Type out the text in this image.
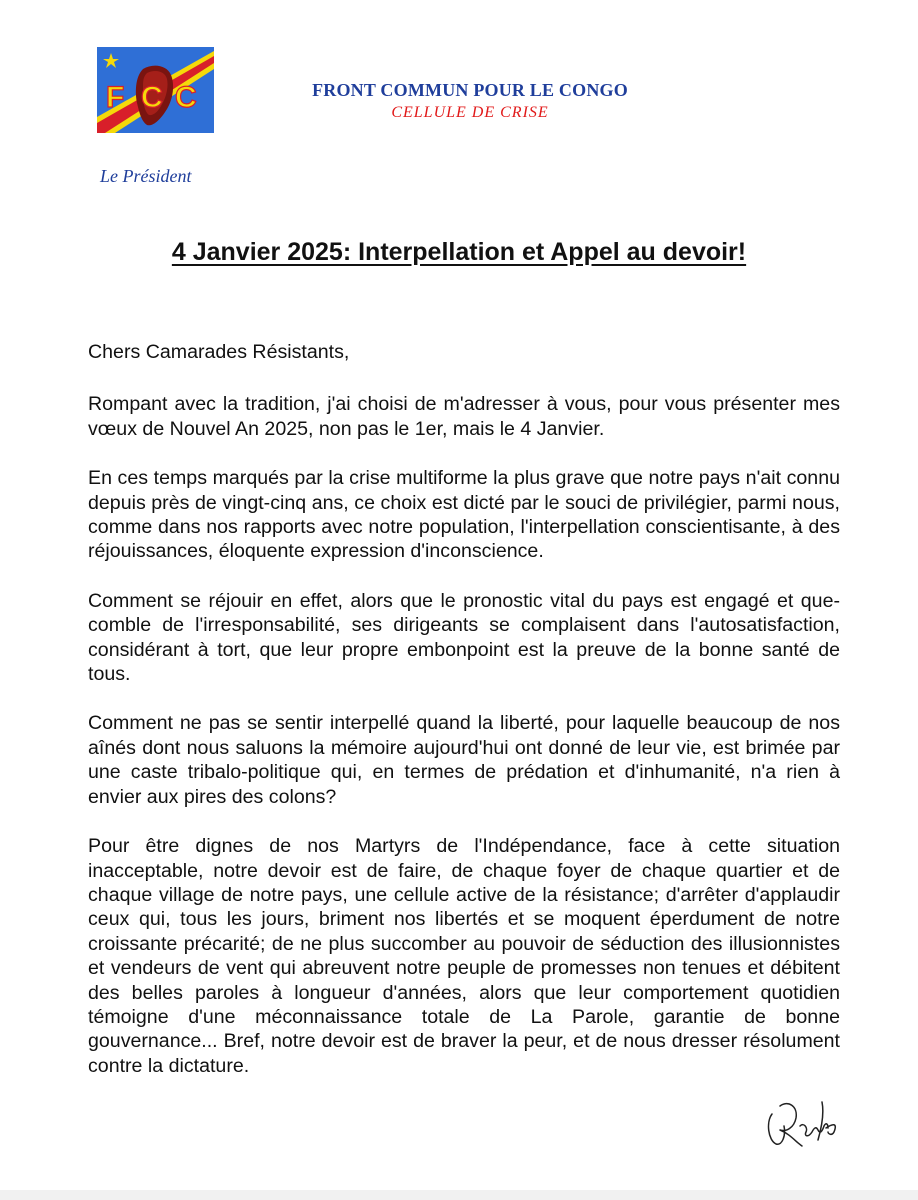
F C C	FRONT COMMUN POUR LE CONGO
CELLULE DE CRISE
Le Président
4 Janvier 2025: Interpellation et Appel au devoir!

Chers Camarades Résistants,

Rompant avec la tradition, j'ai choisi de m'adresser à vous, pour vous présenter mes vœux de Nouvel An 2025, non pas le 1er, mais le 4 Janvier.

En ces temps marqués par la crise multiforme la plus grave que notre pays n'ait connu depuis près de vingt-cinq ans, ce choix est dicté par le souci de privilégier, parmi nous, comme dans nos rapports avec notre population, l'interpellation conscientisante, à des réjouissances, éloquente expression d'inconscience.

Comment se réjouir en effet, alors que le pronostic vital du pays est engagé et que-comble de l'irresponsabilité, ses dirigeants se complaisent dans l'autosatisfaction, considérant à tort, que leur propre embonpoint est la preuve de la bonne santé de tous.

Comment ne pas se sentir interpellé quand la liberté, pour laquelle beaucoup de nos aînés dont nous saluons la mémoire aujourd'hui ont donné de leur vie, est brimée par une caste tribalo-politique qui, en termes de prédation et d'inhumanité, n'a rien à envier aux pires des colons?

Pour être dignes de nos Martyrs de l'Indépendance, face à cette situation inacceptable, notre devoir est de faire, de chaque foyer de chaque quartier et de chaque village de notre pays, une cellule active de la résistance; d'arrêter d'applaudir ceux qui, tous les jours, briment nos libertés et se moquent éperdument de notre croissante précarité; de ne plus succomber au pouvoir de séduction des illusionnistes et vendeurs de vent qui abreuvent notre peuple de promesses non tenues et débitent des belles paroles à longueur d'années, alors que leur comportement quotidien témoigne d'une méconnaissance totale de La Parole, garantie de bonne gouvernance... Bref, notre devoir est de braver la peur, et de nous dresser résolument contre la dictature.
